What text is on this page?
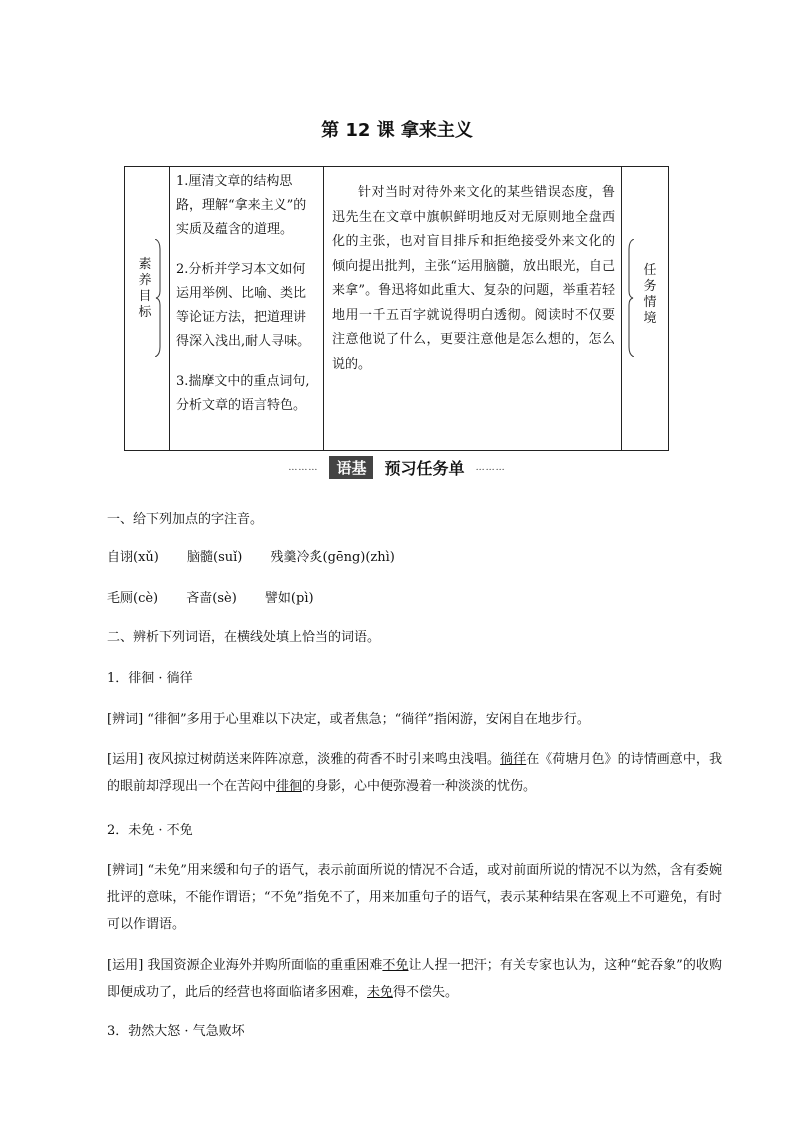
第 12 课 拿来主义
素养目标

1.厘清文章的结构思路，理解“拿来主义”的实质及蕴含的道理。

2.分析并学习本文如何运用举例、比喻、类比等论证方法，把道理讲得深入浅出,耐人寻味。

3.揣摩文中的重点词句,分析文章的语言特色。

针对当时对待外来文化的某些错误态度，鲁迅先生在文章中旗帜鲜明地反对无原则地全盘西化的主张，也对盲目排斥和拒绝接受外来文化的倾向提出批判，主张“运用脑髓，放出眼光，自己来拿”。鲁迅将如此重大、复杂的问题，举重若轻地用一千五百字就说得明白透彻。阅读时不仅要注意他说了什么，更要注意他是怎么想的，怎么说的。
任务情境
……… 语基 预习任务单 ………
一、给下列加点的字注音。
自诩(xǔ) 脑髓(suǐ) 残羹冷炙(gēng)(zhì)
毛厕(cè) 吝啬(sè) 譬如(pì)
二、辨析下列词语，在横线处填上恰当的词语。
1．徘徊 · 徜徉
[辨词] “徘徊”多用于心里难以下决定，或者焦急；“徜徉”指闲游，安闲自在地步行。
[运用] 夜风掠过树荫送来阵阵凉意，淡雅的荷香不时引来鸣虫浅唱。徜徉在《荷塘月色》的诗情画意中，我的眼前却浮现出一个在苦闷中徘徊的身影，心中便弥漫着一种淡淡的忧伤。
2．未免 · 不免
[辨词] “未免”用来缓和句子的语气，表示前面所说的情况不合适，或对前面所说的情况不以为然，含有委婉批评的意味，不能作谓语；“不免”指免不了，用来加重句子的语气，表示某种结果在客观上不可避免，有时可以作谓语。
[运用] 我国资源企业海外并购所面临的重重困难不免让人捏一把汗；有关专家也认为，这种“蛇吞象”的收购即便成功了，此后的经营也将面临诸多困难，未免得不偿失。
3．勃然大怒 · 气急败坏
